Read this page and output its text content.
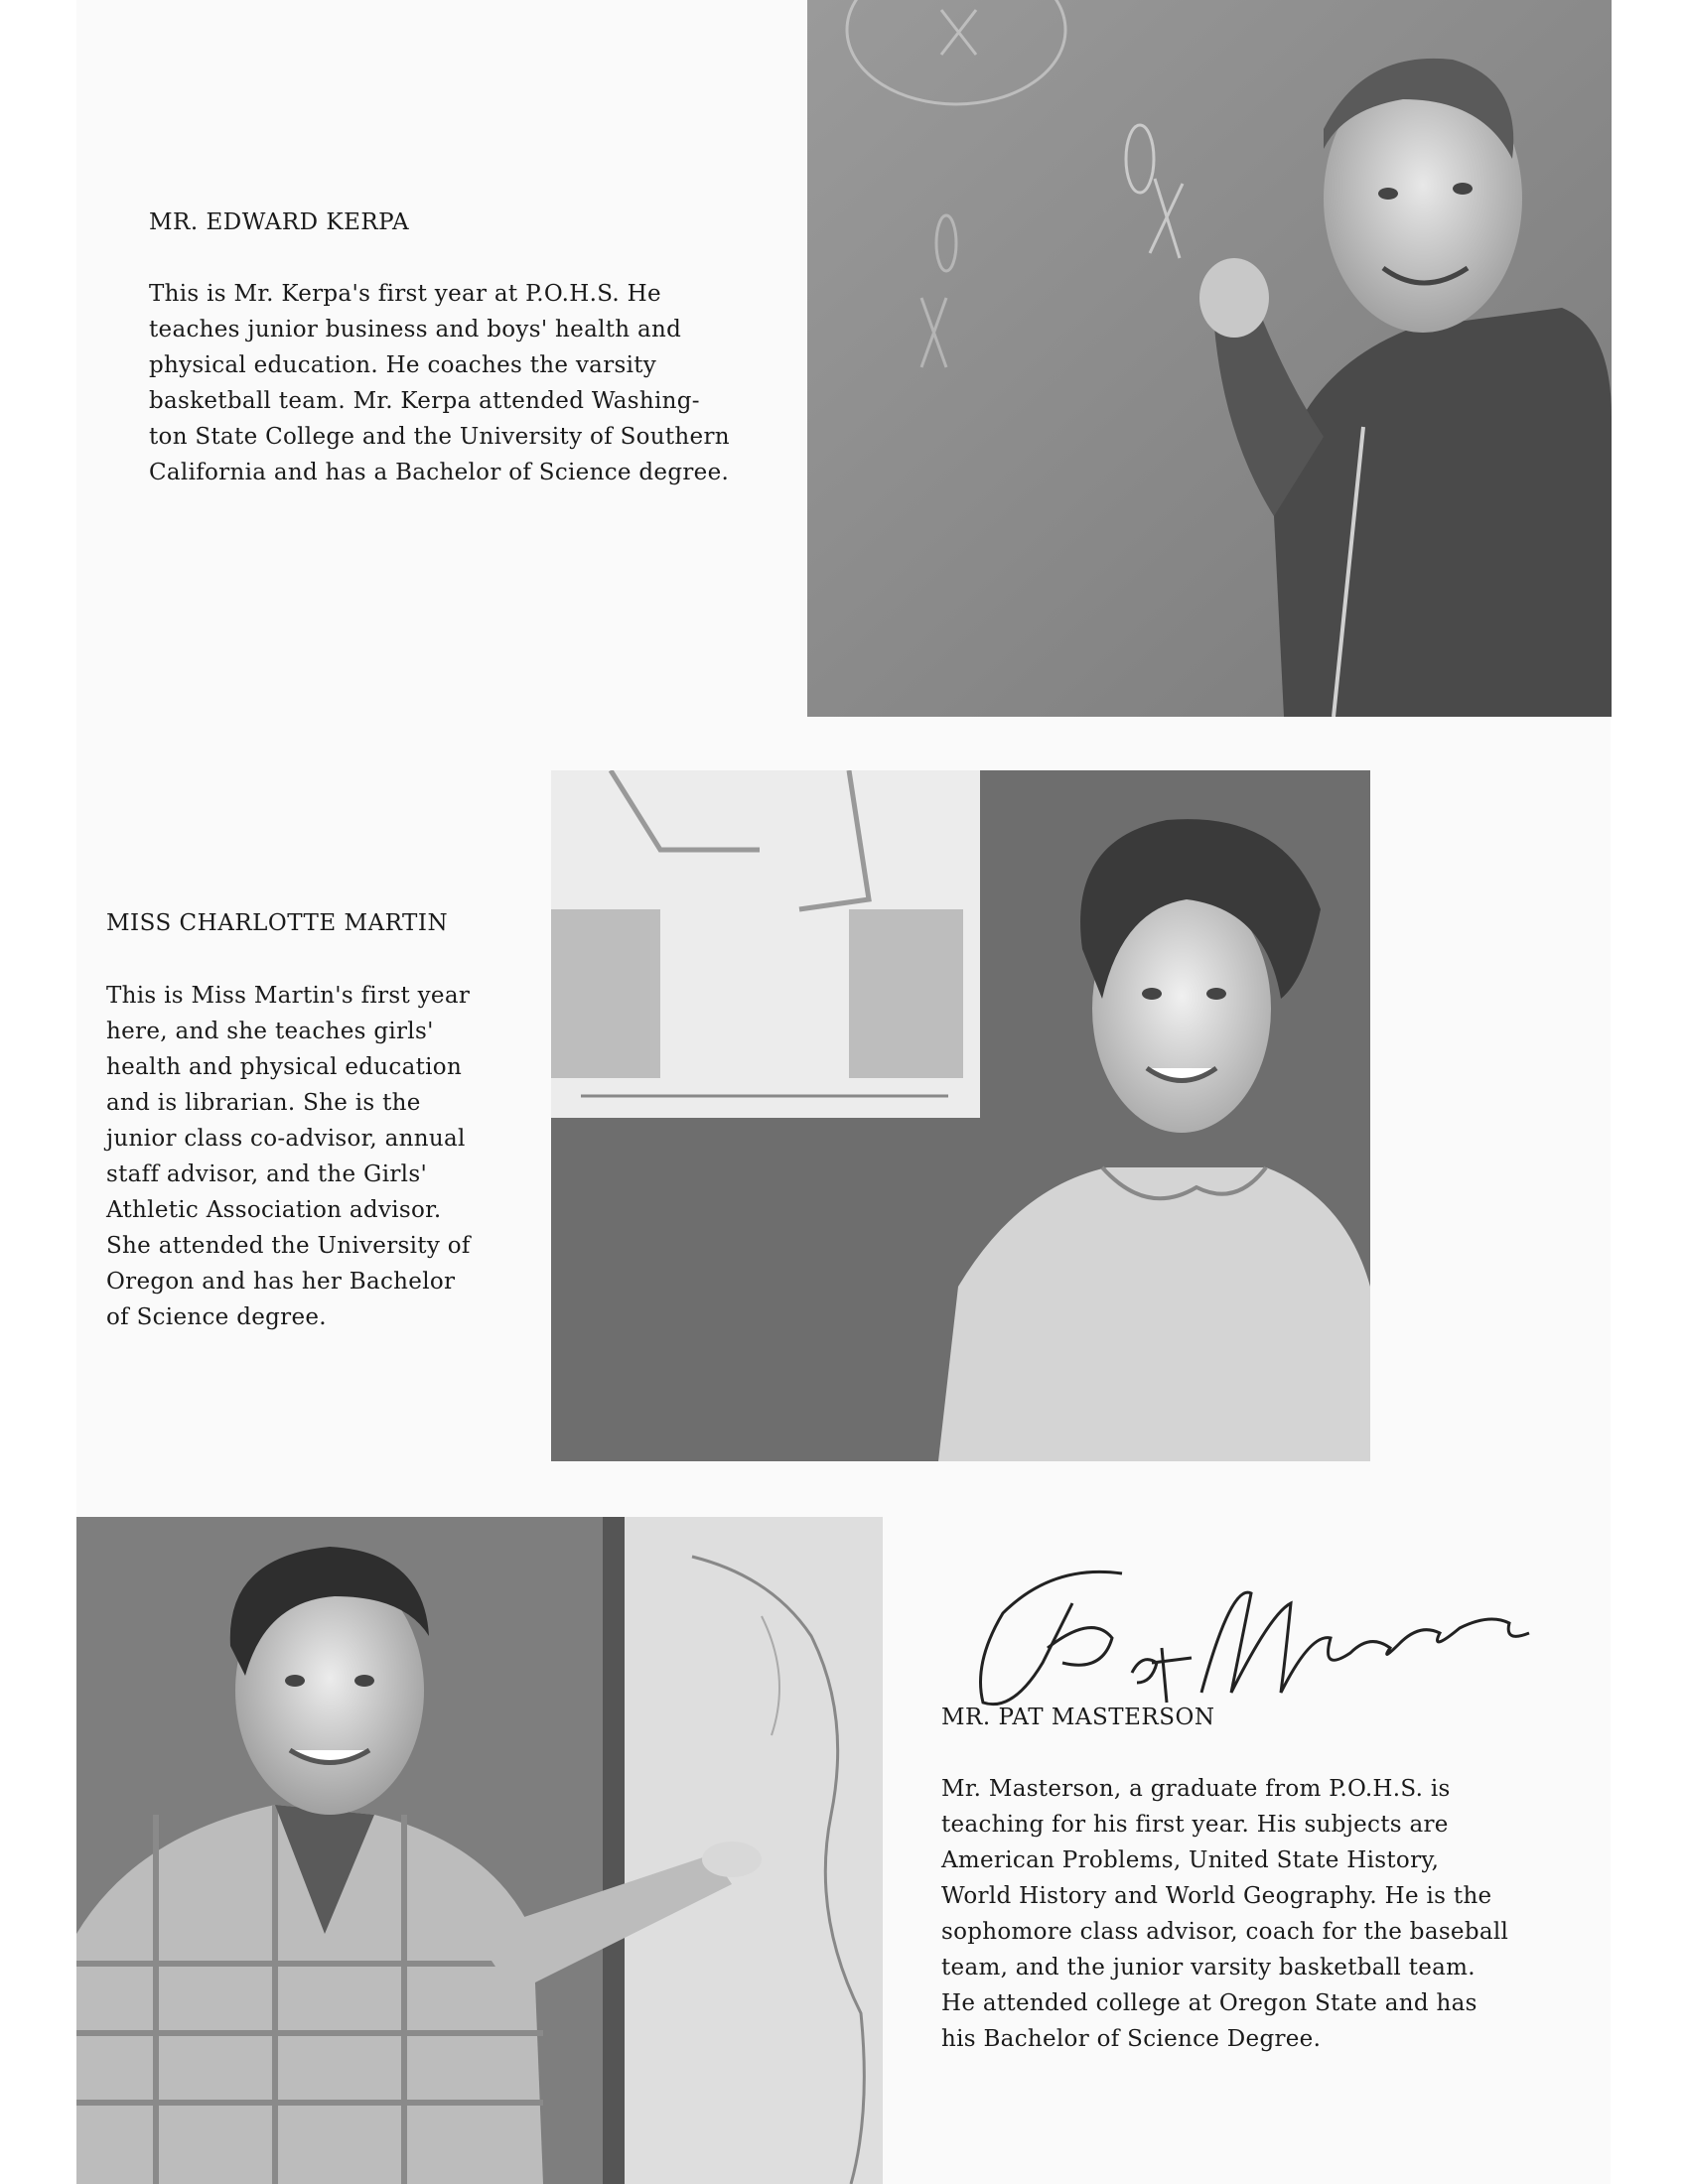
MR. EDWARD KERPA
This is Mr. Kerpa's first year at P.O.H.S. He
teaches junior business and boys' health and
physical education. He coaches the varsity
basketball team. Mr. Kerpa attended Washing-
ton State College and the University of Southern
California and has a Bachelor of Science degree.
MISS CHARLOTTE MARTIN
This is Miss Martin's first year
here, and she teaches girls'
health and physical education
and is librarian. She is the
junior class co-advisor, annual
staff advisor, and the Girls'
Athletic Association advisor.
She attended the University of
Oregon and has her Bachelor
of Science degree.
MR. PAT MASTERSON
Mr. Masterson, a graduate from P.O.H.S. is
teaching for his first year. His subjects are
American Problems, United State History,
World History and World Geography. He is the
sophomore class advisor, coach for the baseball
team, and the junior varsity basketball team.
He attended college at Oregon State and has
his Bachelor of Science Degree.
